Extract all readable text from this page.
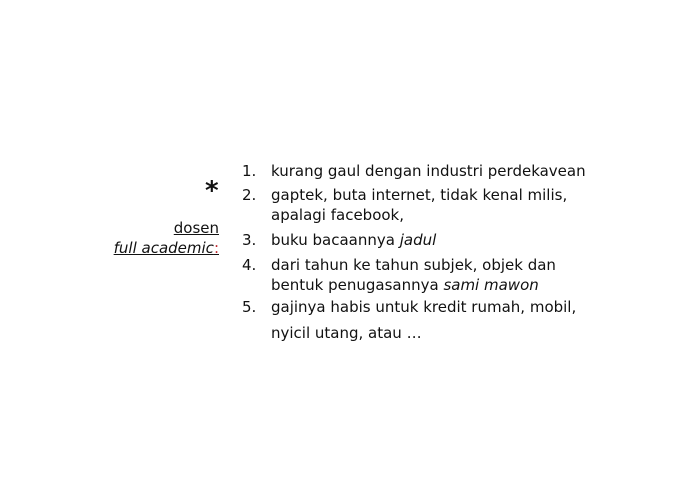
*
dosen
full academic:
1. kurang gaul dengan industri perdekavean
2. gaptek, buta internet, tidak kenal milis,
apalagi facebook,
3. buku bacaannya jadul
4. dari tahun ke tahun subjek, objek dan
bentuk penugasannya sami mawon
5. gajinya habis untuk kredit rumah, mobil,
nyicil utang, atau …
